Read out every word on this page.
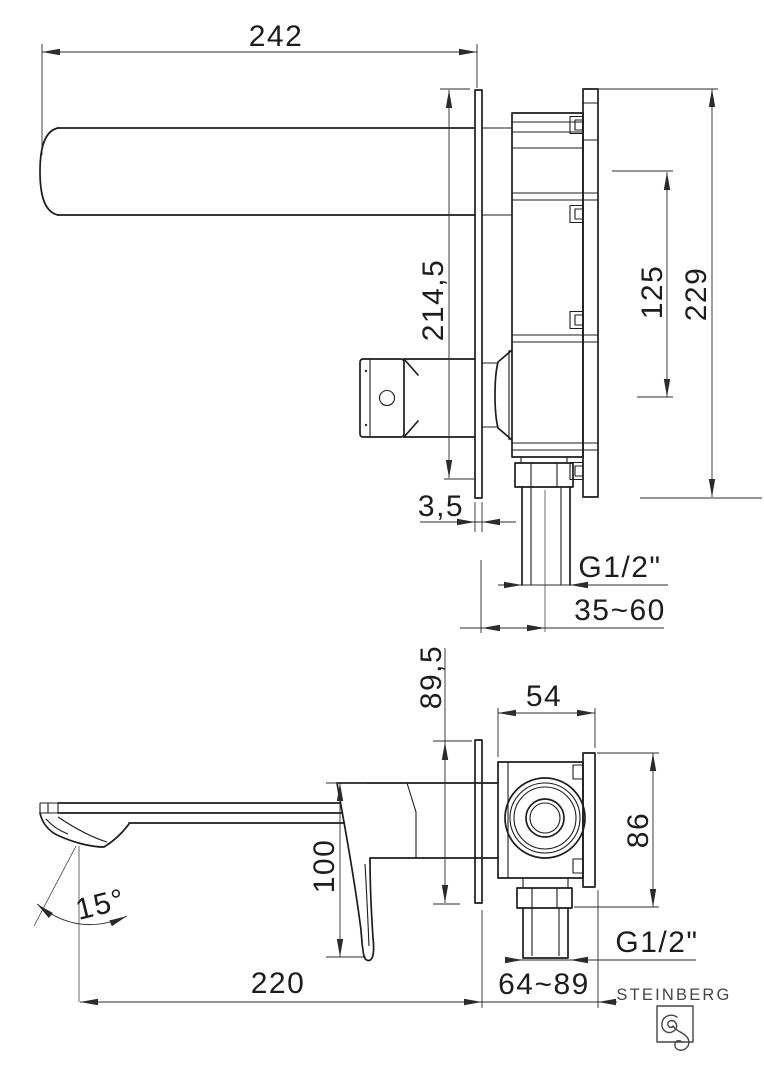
242
214,5	125 229
3,5
G1/2"
35~60
89,5
100
54
86
15°
220	64~89
G1/2"
STEINBERG
